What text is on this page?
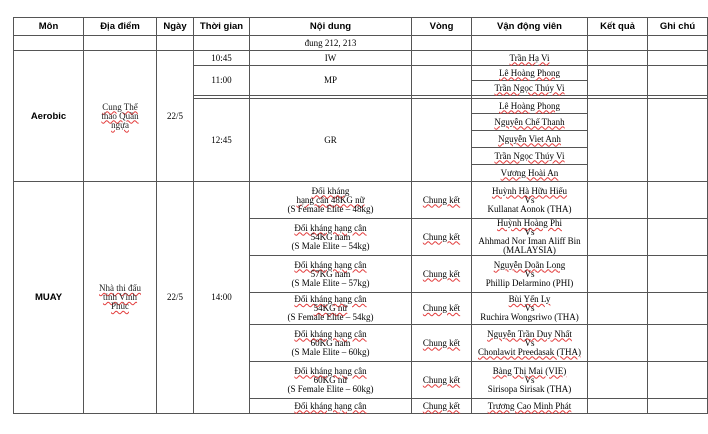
Môn	Địa điểm	Ngày	Thời gian	Nội dung	Vòng	Vận động viên	Kết quả	Ghi chú
				đung 212, 213				
Aerobic	Cung Thể
thao Quần
ngựa	22/5	10:45	IW		Trần Hạ Vi		
			11:00	MP		Lê Hoàng Phong		
						Trần Ngọc Thúy Vi		

			12:45	GR		Lê Hoàng Phong		
						Nguyễn Chế Thanh		
						Nguyễn Viet Anh		
						Trần Ngọc Thúy Vi		
						Vương Hoài An		
MUAY	Nhà thi đấu
tỉnh Vĩnh
Phúc	22/5	14:00	Đối kháng
hạng cân 48KG nữ
(S Female Elite – 48kg)	Chung kết	Huỳnh Hà Hữu Hiếu
Vs
Kullanat Aonok (THA)		

				Đối kháng hạng cân
54KG nam
(S Male Elite – 54kg)	Chung kết	Huỳnh Hoàng Phi
Vs
Ahhmad Nor Iman Aliff Bin
(MALAYSIA)		

				Đối kháng hạng cân
57KG nam
(S Male Elite – 57kg)	Chung kết	Nguyễn Doãn Long
Vs
Phillip Delarmino (PHI)		

				Đối kháng hạng cân
54KG nữ
(S Female Elite – 54kg)	Chung kết	Bùi Yến Ly
Vs
Ruchira Wongsriwo (THA)		

				Đối kháng hạng cân
60KG nam
(S Male Elite – 60kg)	Chung kết	Nguyễn Trần Duy Nhất
Vs
Chonlawit Preedasak (THA)		

				Đối kháng hạng cân
60KG nữ
(S Female Elite – 60kg)	Chung kết	Bàng Thị Mai (VIE)
Vs
Sirisopa Sirisak (THA)		

				Đối kháng hạng cân	Chung kết	Trương Cao Minh Phát		
